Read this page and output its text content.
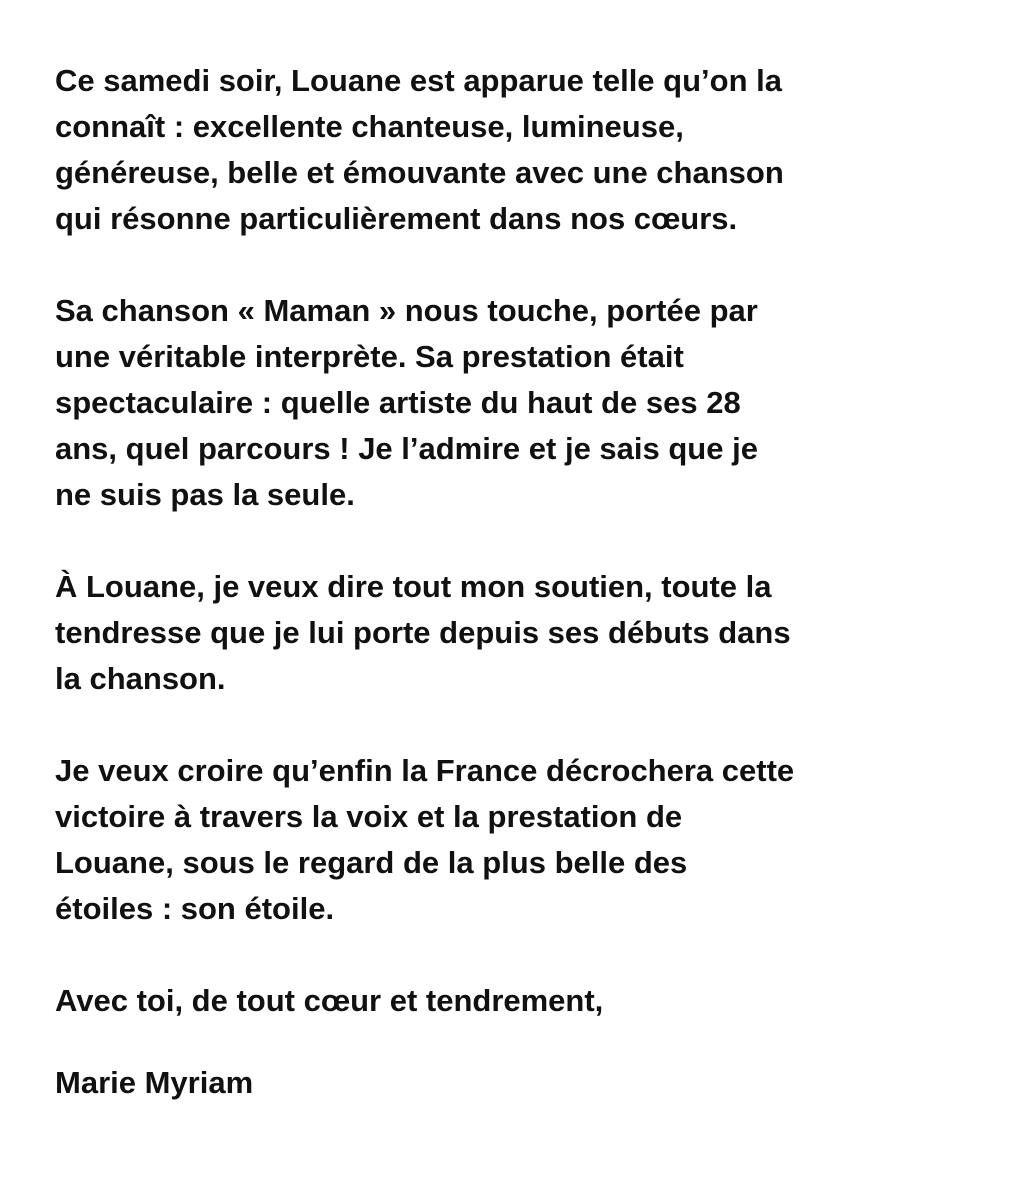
Ce samedi soir, Louane est apparue telle qu’on la
connaît : excellente chanteuse, lumineuse,
généreuse, belle et émouvante avec une chanson
qui résonne particulièrement dans nos cœurs.

Sa chanson « Maman » nous touche, portée par
une véritable interprète. Sa prestation était
spectaculaire : quelle artiste du haut de ses 28
ans, quel parcours ! Je l’admire et je sais que je
ne suis pas la seule.

À Louane, je veux dire tout mon soutien, toute la
tendresse que je lui porte depuis ses débuts dans
la chanson.

Je veux croire qu’enfin la France décrochera cette
victoire à travers la voix et la prestation de
Louane, sous le regard de la plus belle des
étoiles : son étoile.

Avec toi, de tout cœur et tendrement,

Marie Myriam
